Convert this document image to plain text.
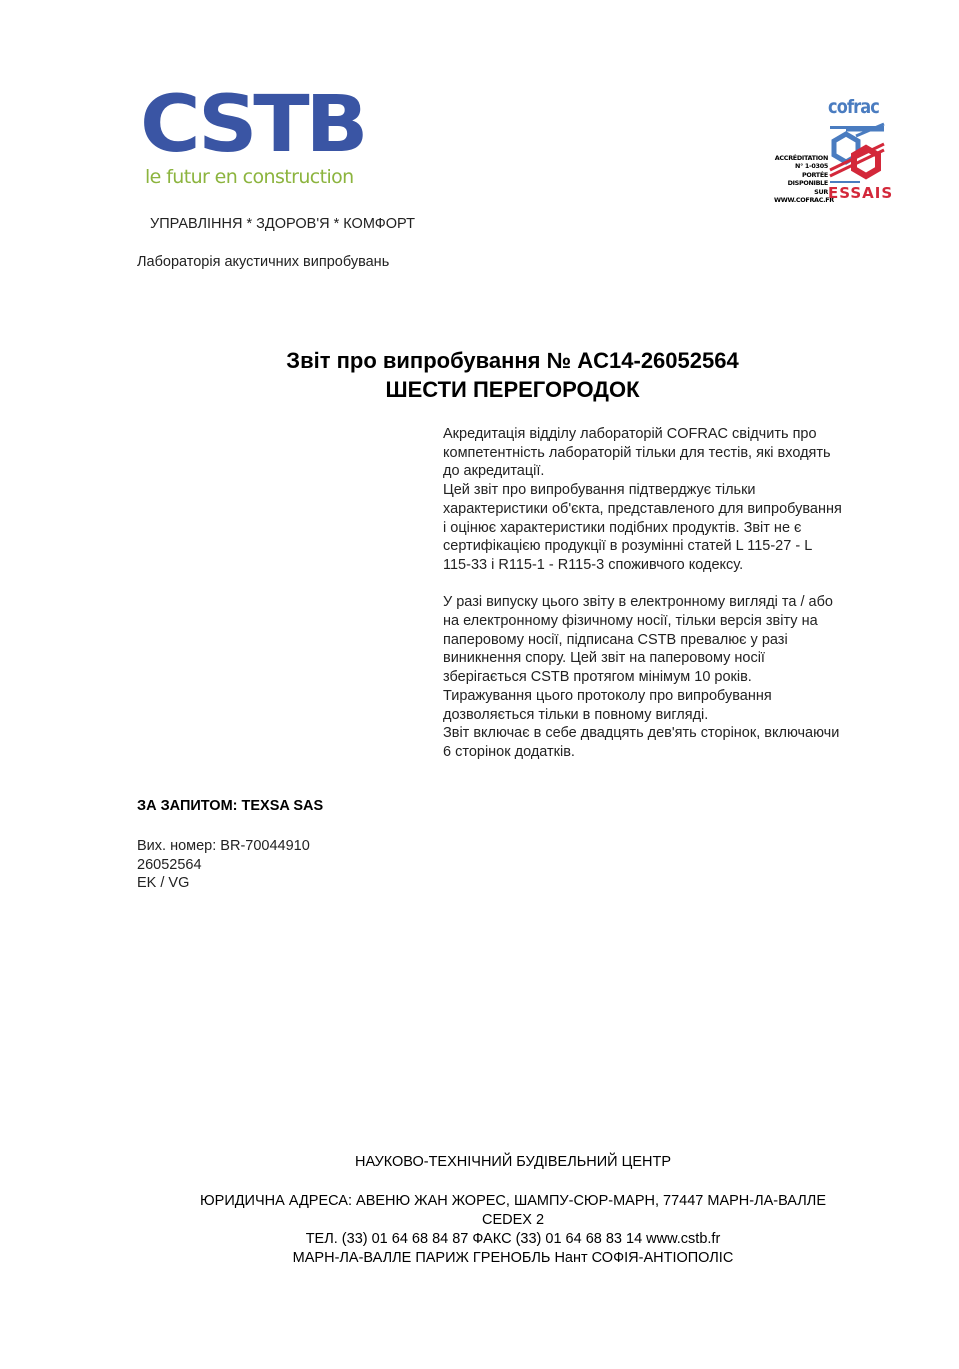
CSTB
le futur en construction
cofrac
ACCRÉDITATION
N° 1-0305
PORTÉE
DISPONIBLE SUR
WWW.COFRAC.FR
ESSAIS
УПРАВЛІННЯ * ЗДОРОВ'Я * КОМФОРТ
Лабораторія акустичних випробувань
Звіт про випробування № AC14-26052564
ШЕСТИ ПЕРЕГОРОДОК

Акредитація відділу лабораторій COFRAC свідчить про

компетентність лабораторій тільки для тестів, які входять

до акредитації.

Цей звіт про випробування підтверджує тільки

характеристики об'єкта, представленого для випробування

і оцінює характеристики подібних продуктів. Звіт не є

сертифікацією продукції в розумінні статей L 115-27 - L

115-33 і R115-1 - R115-3 споживчого кодексу.

У разі випуску цього звіту в електронному вигляді та / або

на електронному фізичному носії, тільки версія звіту на

паперовому носії, підписана CSTB превалює у разі

виникнення спору. Цей звіт на паперовому носії

зберігається CSTB протягом мінімум 10 років.

Тиражування цього протоколу про випробування

дозволяється тільки в повному вигляді.

Звіт включає в себе двадцять дев'ять сторінок, включаючи

6 сторінок додатків.

ЗА ЗАПИТОМ: TEXSA SAS
Вих. номер: BR-70044910
26052564
EK / VG
НАУКОВО-ТЕХНІЧНИЙ БУДІВЕЛЬНИЙ ЦЕНТР
ЮРИДИЧНА АДРЕСА: АВЕНЮ ЖАН ЖОРЕС, ШАМПУ-СЮР-МАРН, 77447 МАРН-ЛА-ВАЛЛЕ
CEDEX 2
ТЕЛ. (33) 01 64 68 84 87 ФАКС (33) 01 64 68 83 14 www.cstb.fr
МАРН-ЛА-ВАЛЛЕ ПАРИЖ ГРЕНОБЛЬ Нант СОФІЯ-АНТІОПОЛІС
